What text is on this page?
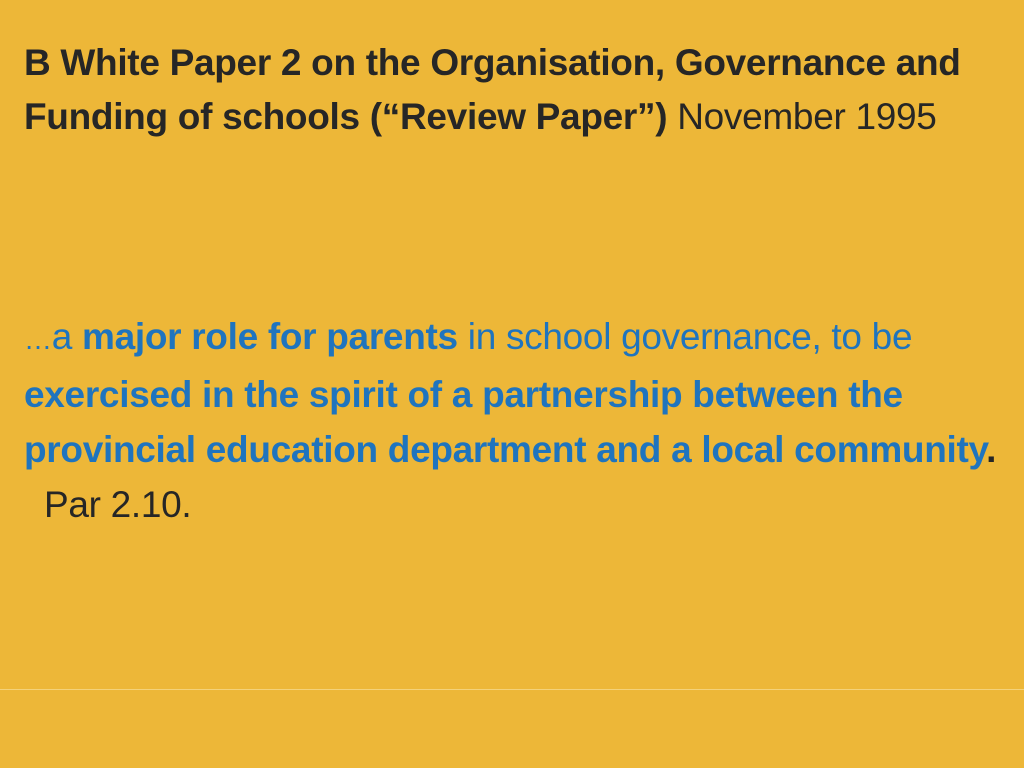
B White Paper 2 on the Organisation, Governance and Funding of schools (“Review Paper”) November 1995

…a major role for parents in school governance, to be exercised in the spirit of a partnership between the provincial education department and a local community.  Par 2.10.
